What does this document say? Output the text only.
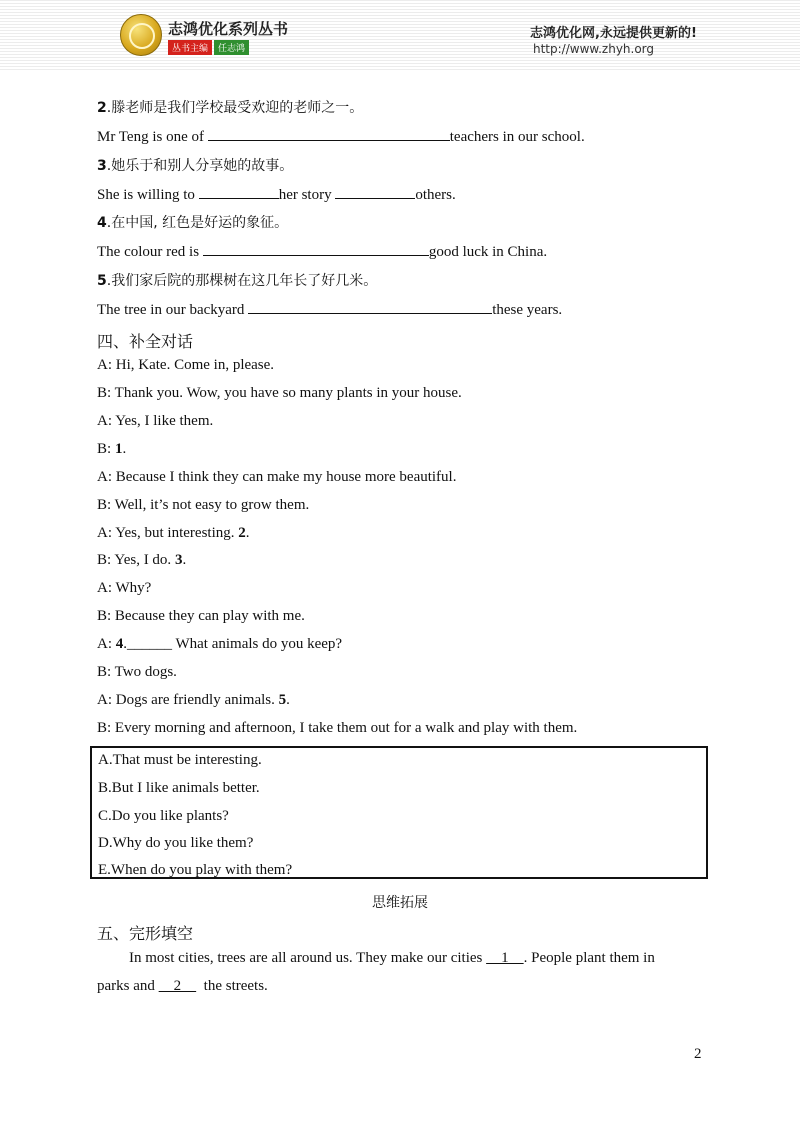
志鸿优化系列丛书
丛书主编	任志鸿
志鸿优化网,永远提供更新的!
http://www.zhyh.org
2.滕老师是我们学校最受欢迎的老师之一。
Mr Teng is one of	teachers in our school.
3.她乐于和别人分享她的故事。
She is willing to	her story	others.
4.在中国, 红色是好运的象征。
The colour red is	good luck in China.
5.我们家后院的那棵树在这几年长了好几米。
The tree in our backyard	these years.
四、补全对话
A: Hi, Kate. Come in, please.
B: Thank you. Wow, you have so many plants in your house.
A: Yes, I like them.
B: 1.
A: Because I think they can make my house more beautiful.
B: Well, it’s not easy to grow them.
A: Yes, but interesting. 2.
B: Yes, I do. 3.
A: Why?
B: Because they can play with me.
A: 4.______ What animals do you keep?
B: Two dogs.
A: Dogs are friendly animals. 5.
B: Every morning and afternoon, I take them out for a walk and play with them.
A.That must be interesting.
B.But I like animals better.
C.Do you like plants?
D.Why do you like them?
E.When do you play with them?
思维拓展
五、完形填空
In most cities, trees are all around us. They make our cities     1    . People plant them in
parks and     2      the streets.
2
